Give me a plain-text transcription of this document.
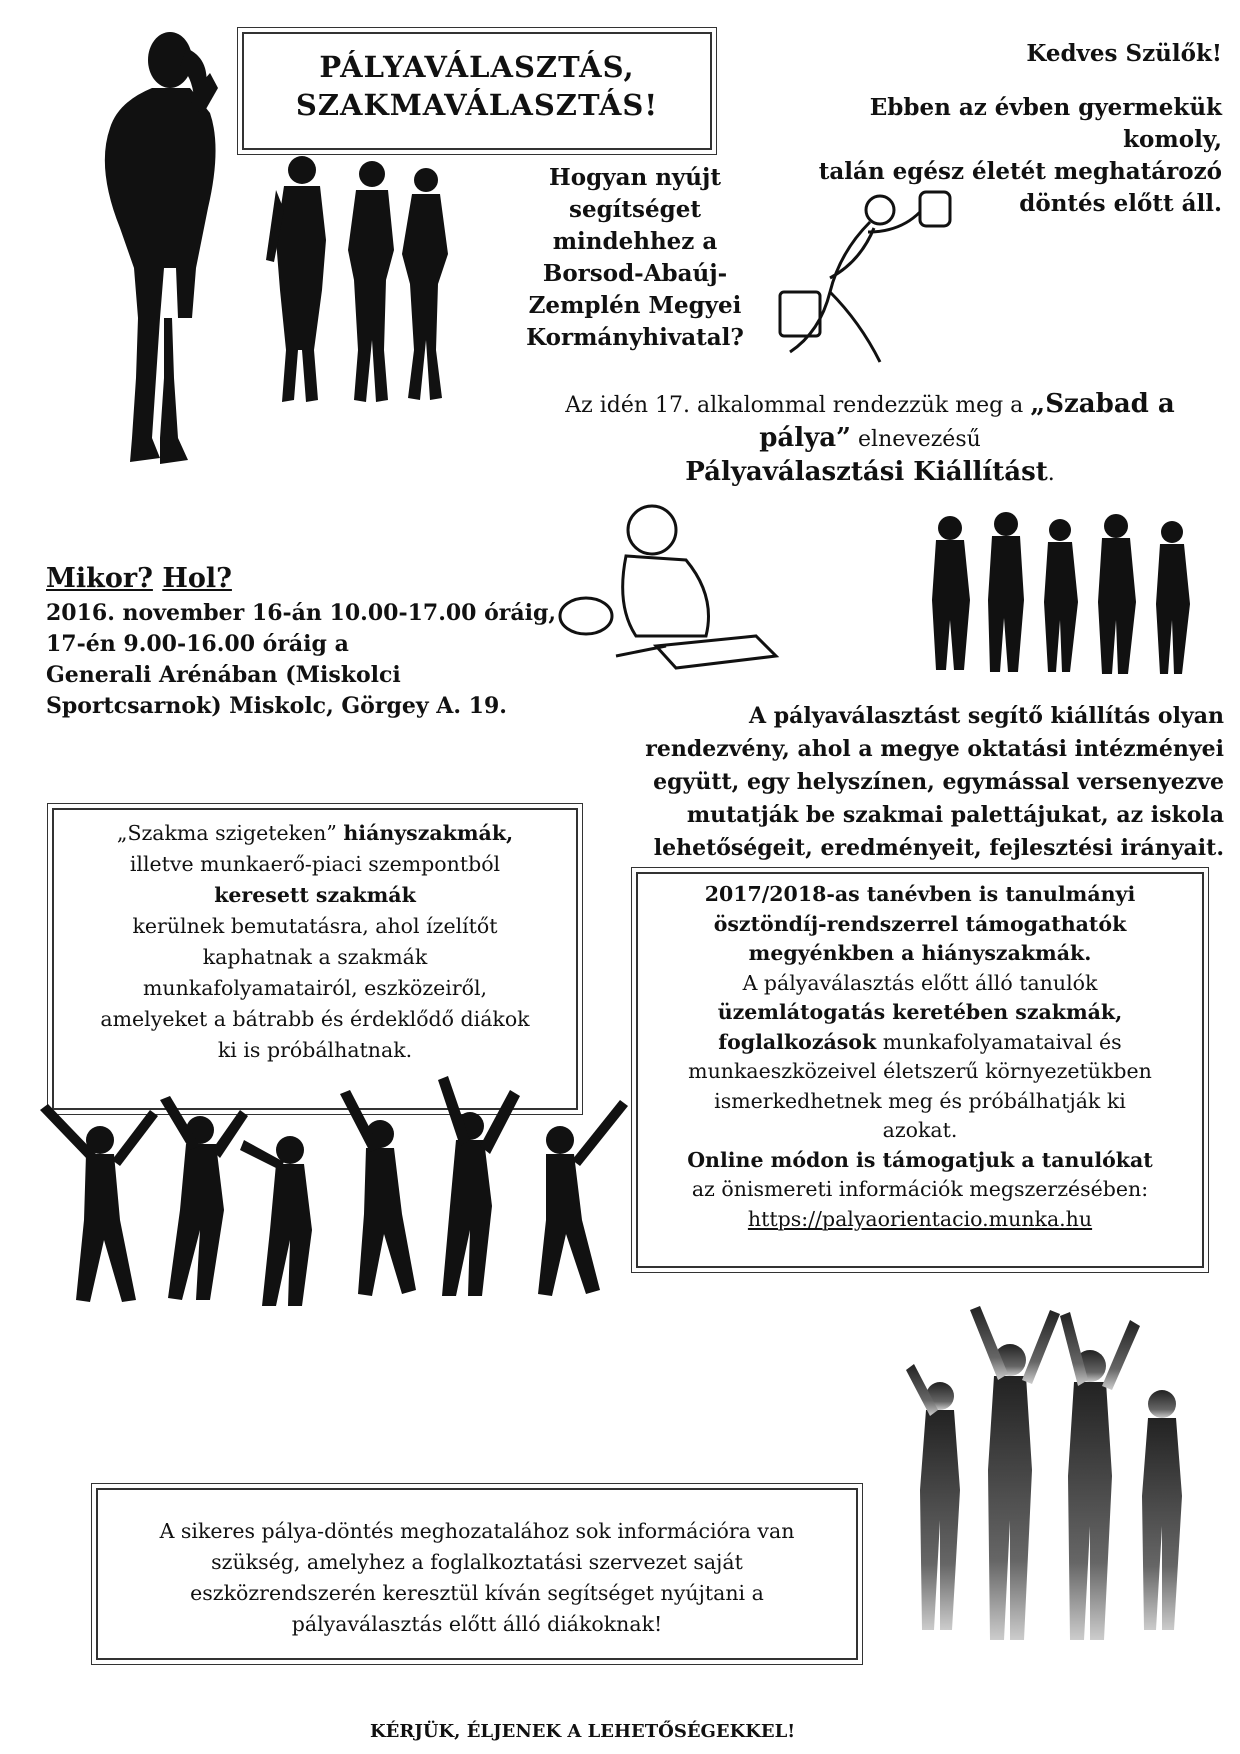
PÁLYAVÁLASZTÁS,

SZAKMAVÁLASZTÁS!

Kedves Szülők!

Ebben az évben gyermekük

komoly,

talán egész életét meghatározó

döntés előtt áll.

Hogyan nyújt

segítséget

mindehhez a

Borsod-Abaúj-

Zemplén Megyei

Kormányhivatal?

Az idén 17. alkalommal rendezzük meg a „Szabad a

pálya” elnevezésű

Pályaválasztási Kiállítást.

Mikor? Hol?

2016. november 16-án 10.00-17.00 óráig,

17-én 9.00-16.00 óráig a

Generali Arénában (Miskolci

Sportcsarnok) Miskolc, Görgey A. 19.	A pályaválasztást segítő kiállítás olyan

rendezvény, ahol a megye oktatási intézményei

együtt, egy helyszínen, egymással versenyezve

mutatják be szakmai palettájukat, az iskola

lehetőségeit, eredményeit, fejlesztési irányait.

„Szakma szigeteken” hiányszakmák,

illetve munkaerő-piaci szempontból

keresett szakmák

kerülnek bemutatásra, ahol ízelítőt

kaphatnak a szakmák

munkafolyamatairól, eszközeiről,

amelyeket a bátrabb és érdeklődő diákok

ki is próbálhatnak.

2017/2018-as tanévben is tanulmányi

ösztöndíj-rendszerrel támogathatók

megyénkben a hiányszakmák.

A pályaválasztás előtt álló tanulók

üzemlátogatás keretében szakmák,

foglalkozások munkafolyamataival és

munkaeszközeivel életszerű környezetükben

ismerkedhetnek meg és próbálhatják ki

azokat.

Online módon is támogatjuk a tanulókat

az önismereti információk megszerzésében:

https://palyaorientacio.munka.hu

A sikeres pálya-döntés meghozatalához sok információra van

szükség, amelyhez a foglalkoztatási szervezet saját

eszközrendszerén keresztül kíván segítséget nyújtani a

pályaválasztás előtt álló diákoknak!

KÉRJÜK, ÉLJENEK A LEHETŐSÉGEKKEL!
